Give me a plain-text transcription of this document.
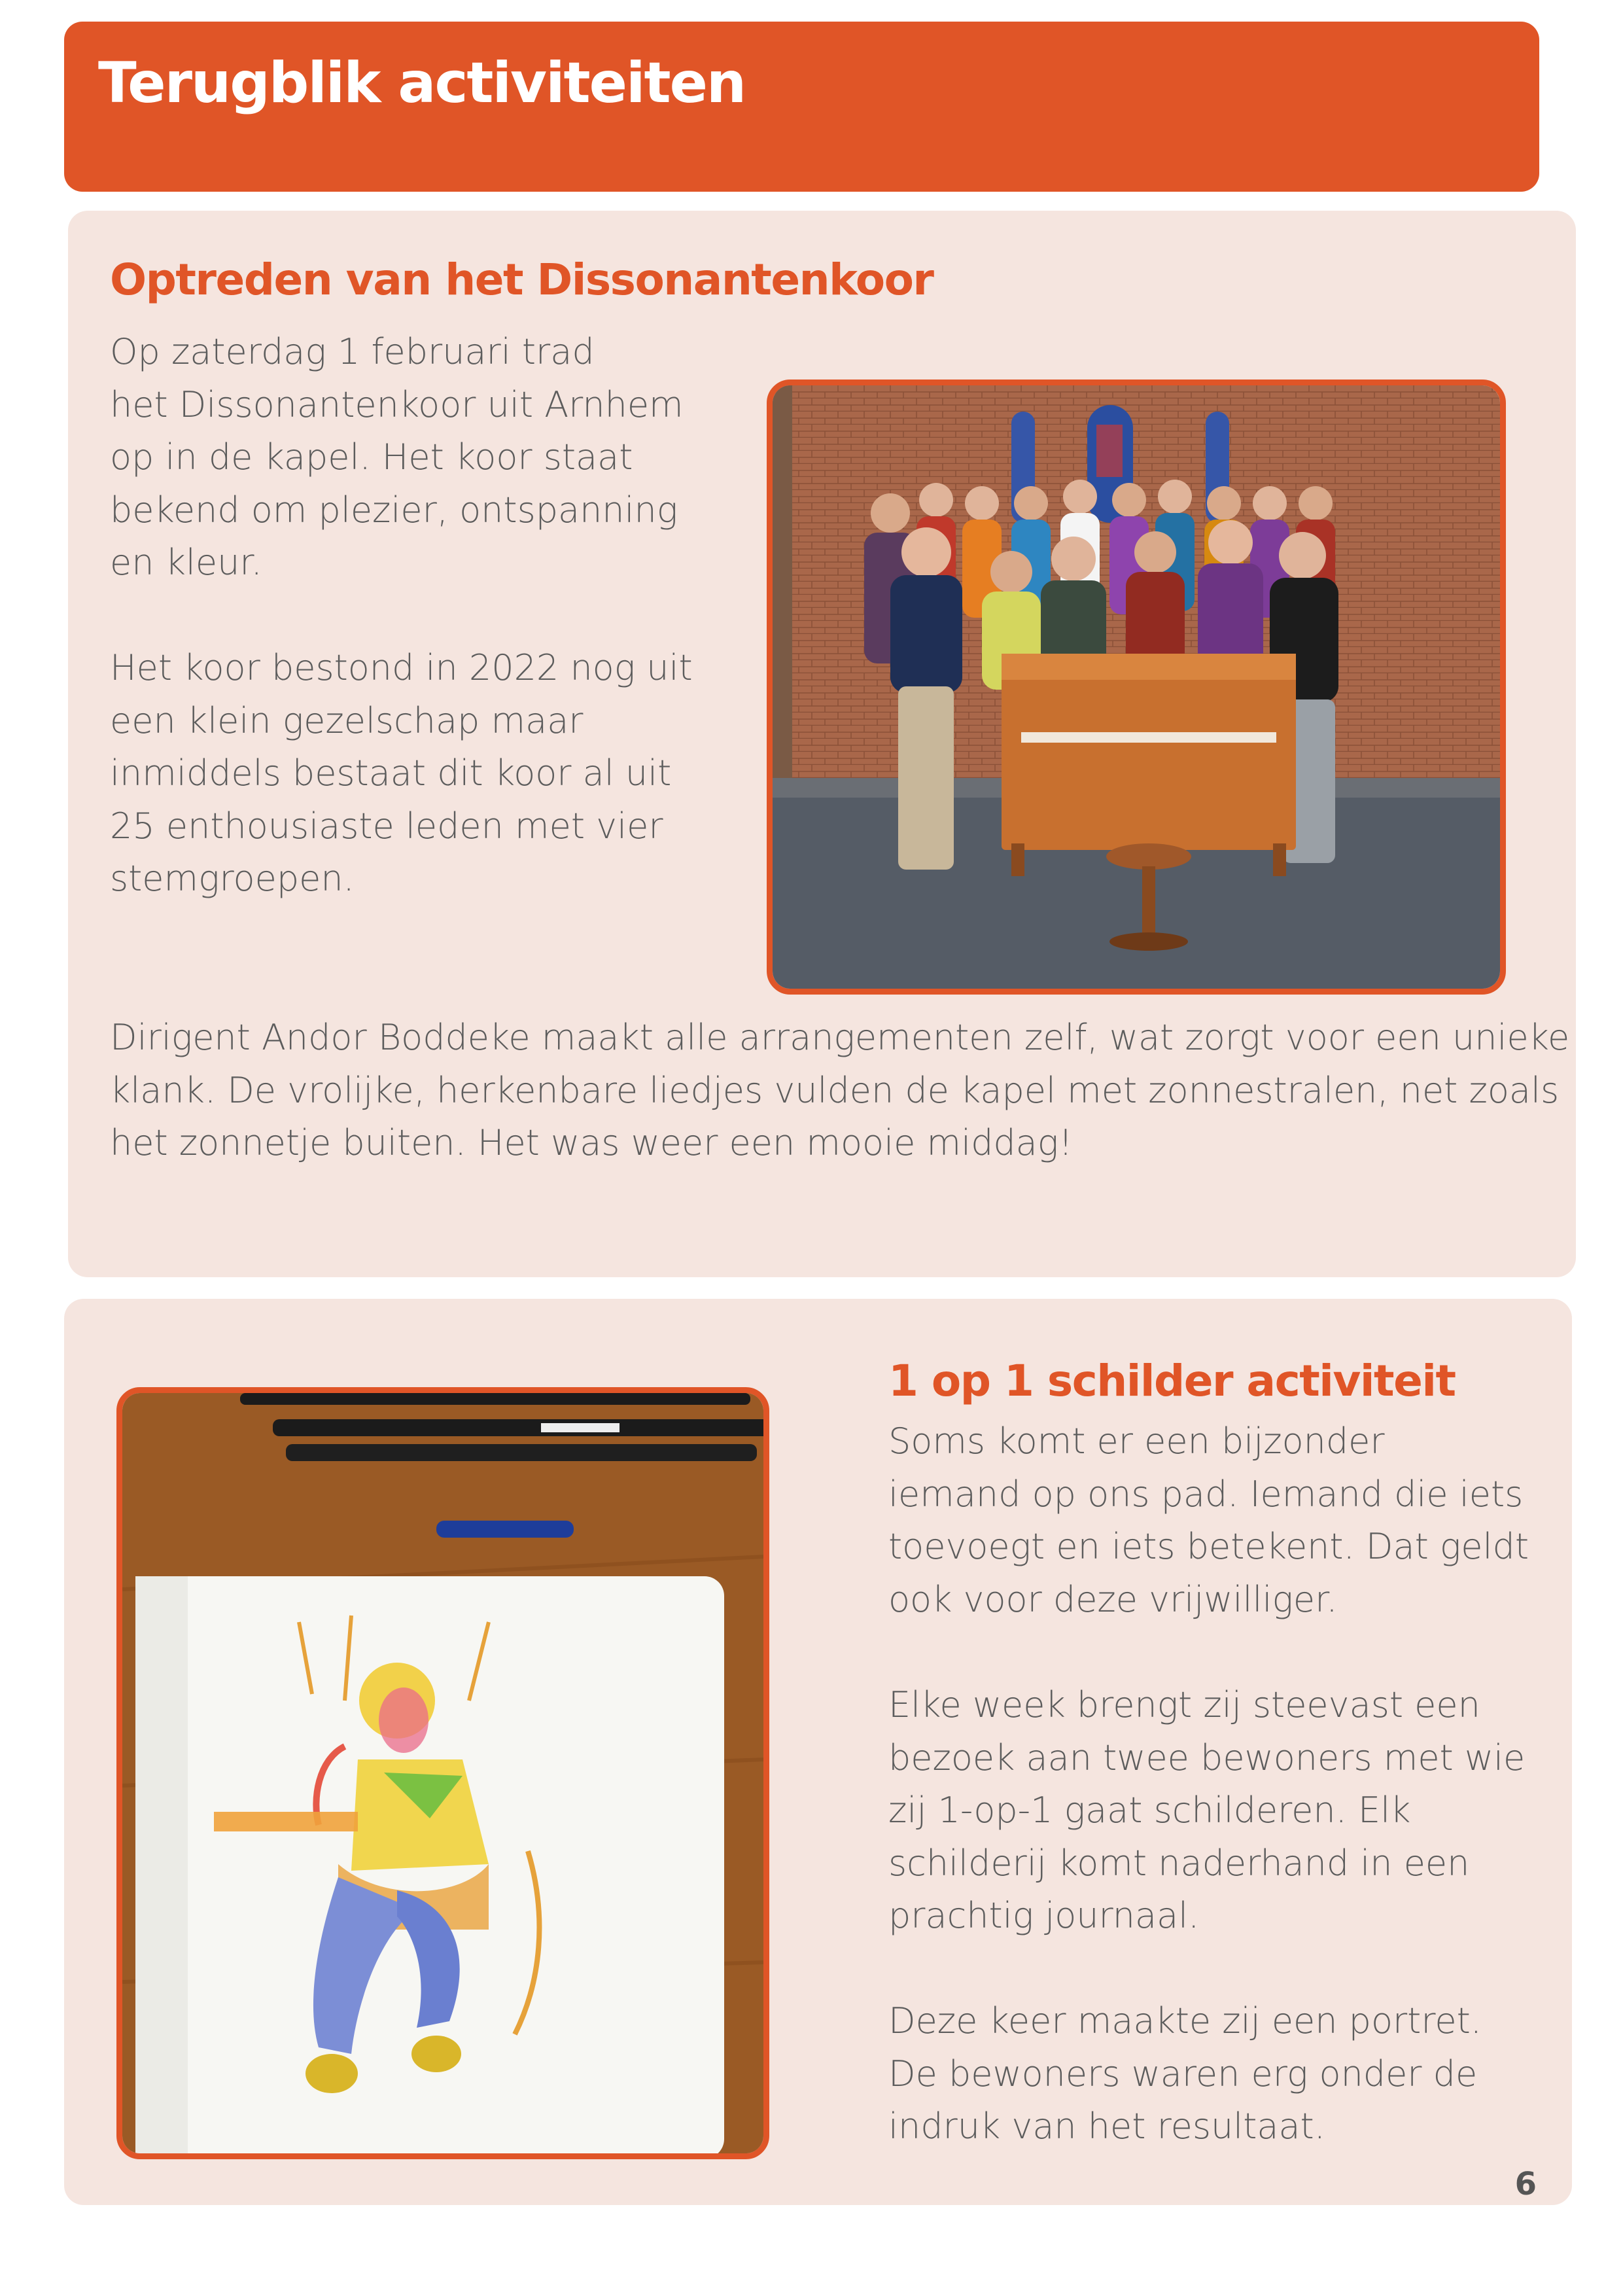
Terugblik activiteiten
Optreden van het Dissonantenkoor

Op zaterdag 1 februari trad
het Dissonantenkoor uit Arnhem
op in de kapel. Het koor staat
bekend om plezier, ontspanning
en kleur.

Het koor bestond in 2022 nog uit
een klein gezelschap maar
inmiddels bestaat dit koor al uit
25 enthousiaste leden met vier
stemgroepen.

Dirigent Andor Boddeke maakt alle arrangementen zelf, wat zorgt voor een unieke
klank. De vrolijke, herkenbare liedjes vulden de kapel met zonnestralen, net zoals
het zonnetje buiten. Het was weer een mooie middag!

1 op 1 schilder activiteit

Soms komt er een bijzonder
iemand op ons pad. Iemand die iets
toevoegt en iets betekent. Dat geldt
ook voor deze vrijwilliger.

Elke week brengt zij steevast een
bezoek aan twee bewoners met wie
zij 1-op-1 gaat schilderen. Elk
schilderij komt naderhand in een
prachtig journaal.

Deze keer maakte zij een portret.
De bewoners waren erg onder de
indruk van het resultaat.

6
